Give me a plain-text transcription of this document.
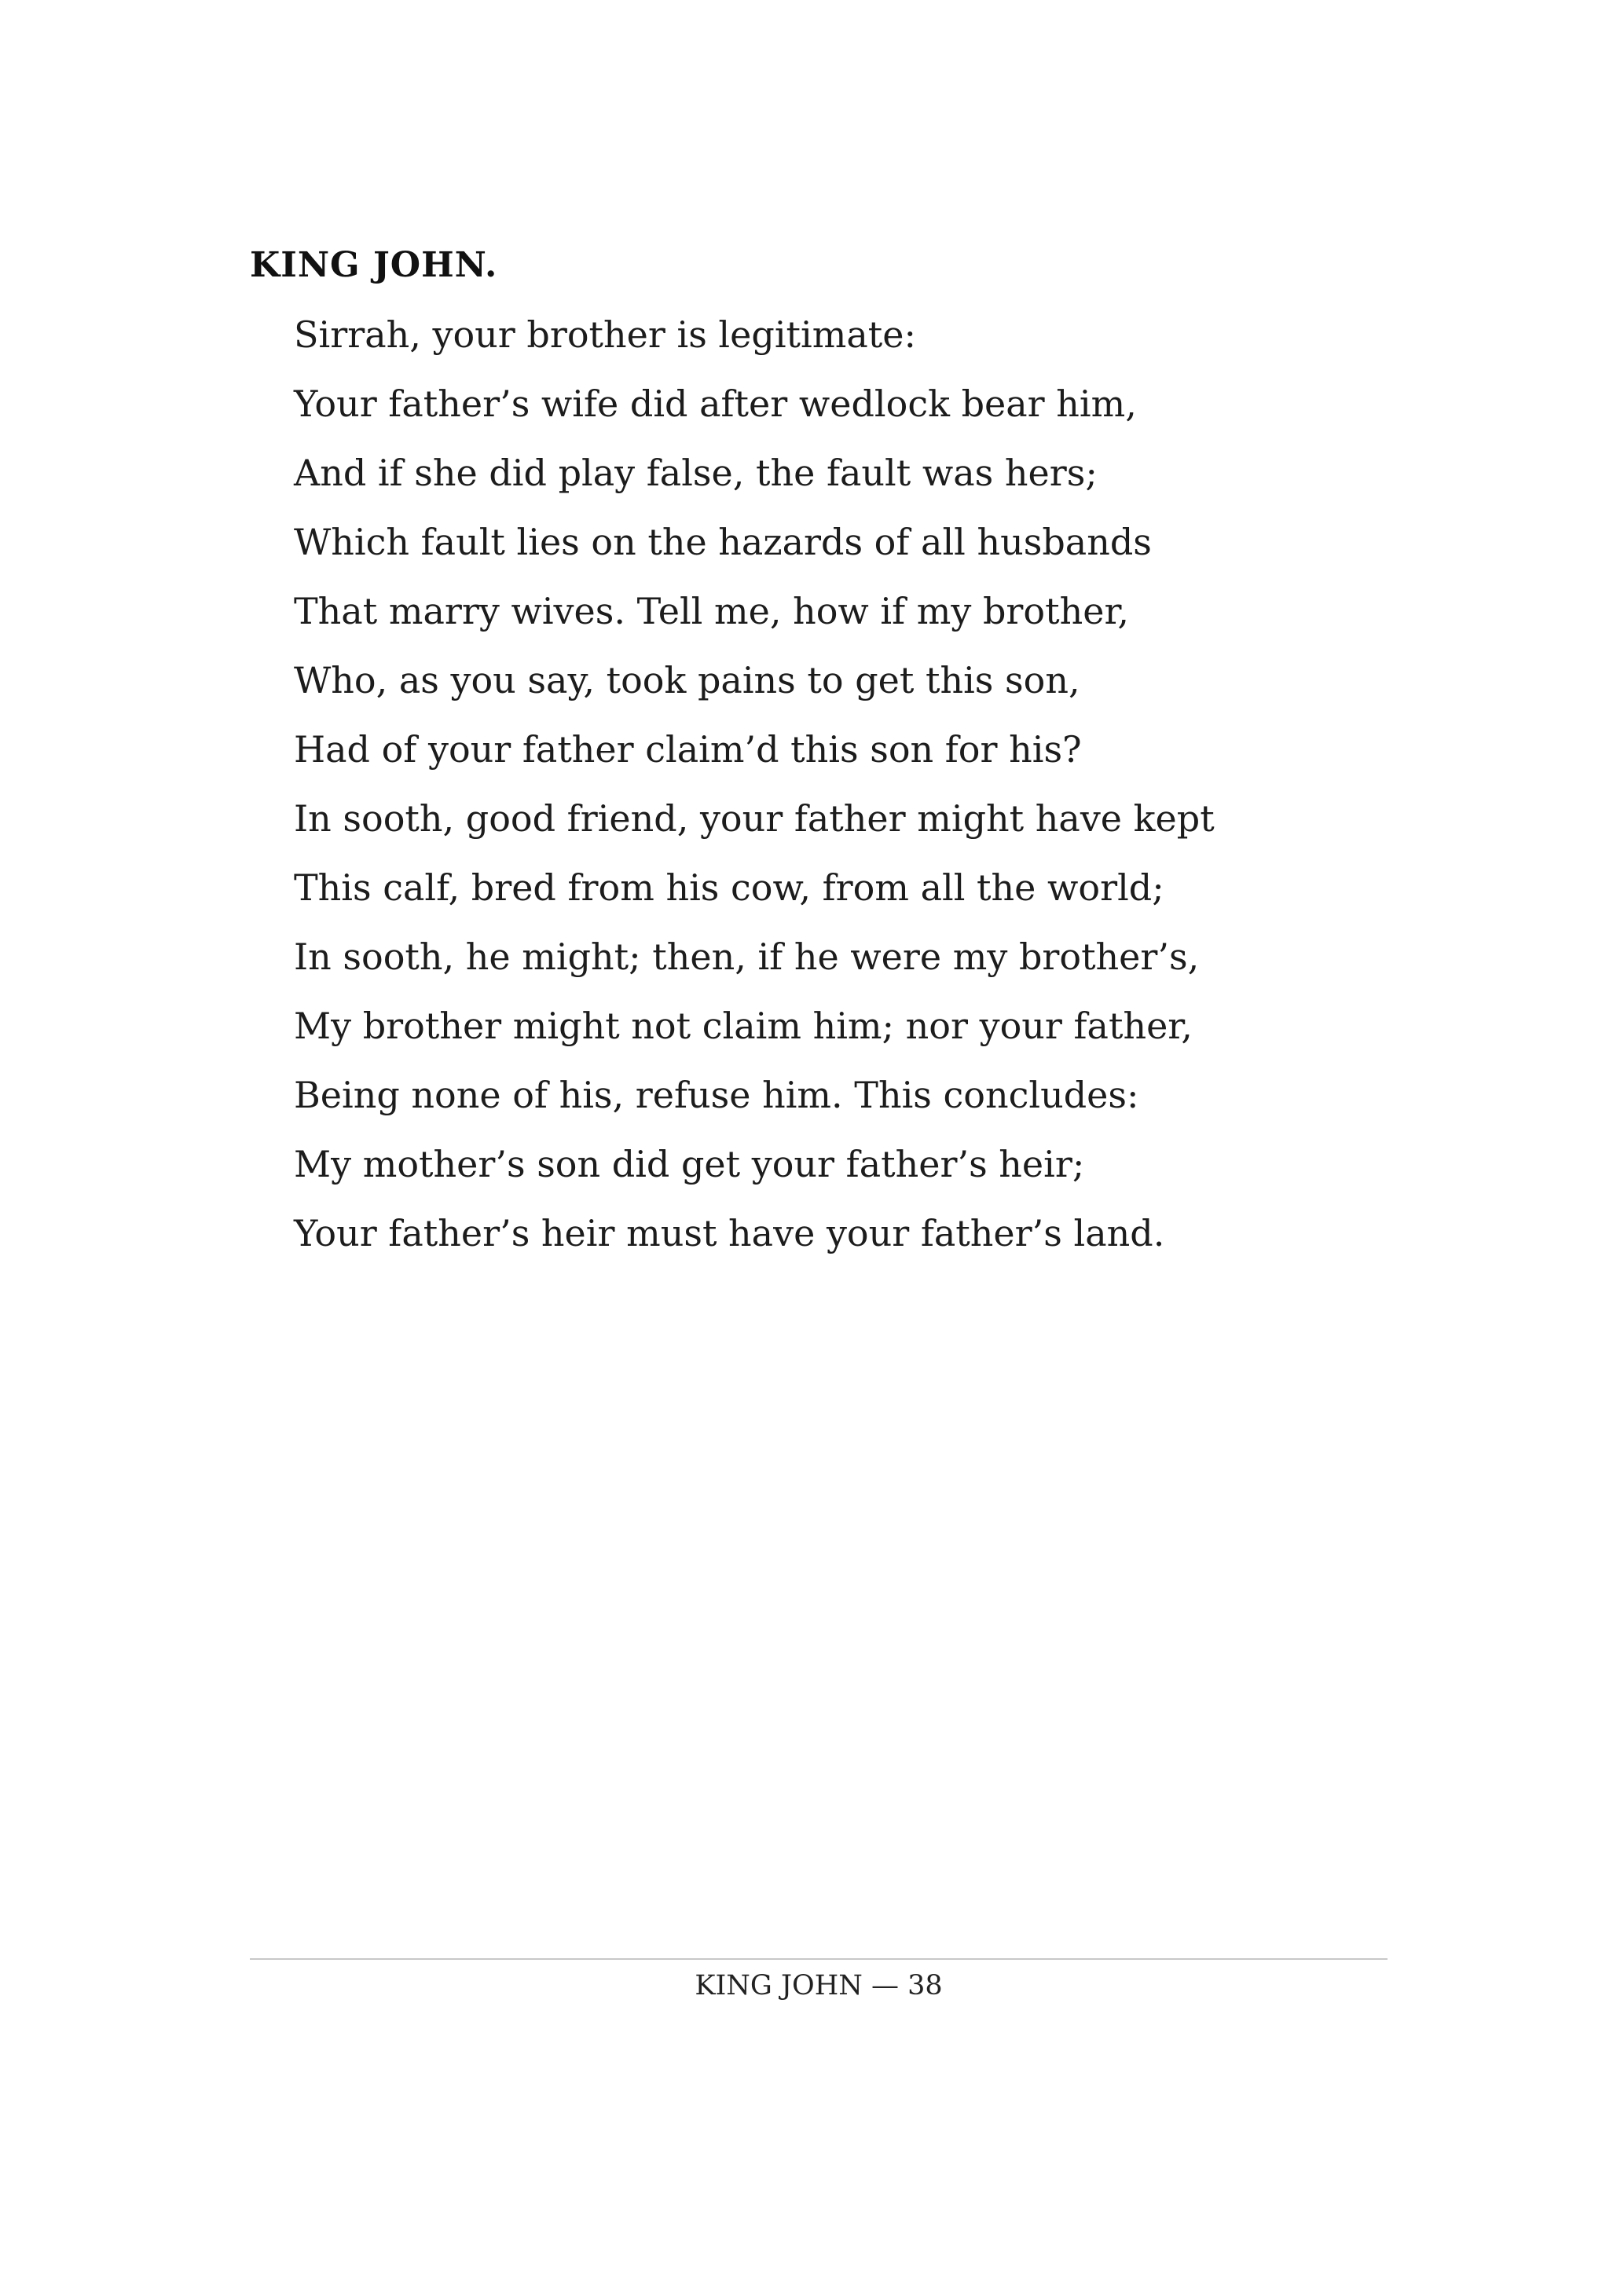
KING JOHN.
Sirrah, your brother is legitimate:
Your father’s wife did after wedlock bear him,
And if she did play false, the fault was hers;
Which fault lies on the hazards of all husbands
That marry wives. Tell me, how if my brother,
Who, as you say, took pains to get this son,
Had of your father claim’d this son for his?
In sooth, good friend, your father might have kept
This calf, bred from his cow, from all the world;
In sooth, he might; then, if he were my brother’s,
My brother might not claim him; nor your father,
Being none of his, refuse him. This concludes:
My mother’s son did get your father’s heir;
Your father’s heir must have your father’s land.
KING JOHN — 38
